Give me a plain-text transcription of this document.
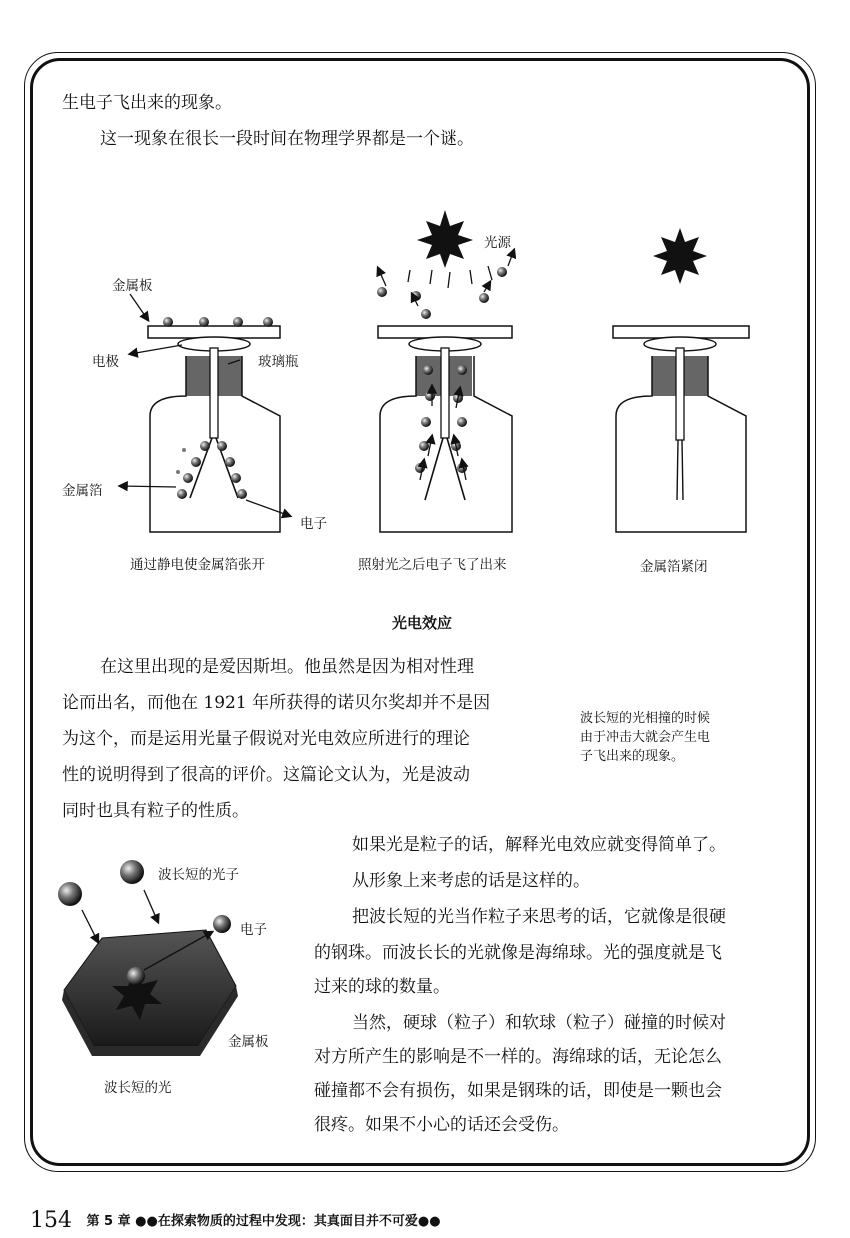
生电子飞出来的现象。
这一现象在很长一段时间在物理学界都是一个谜。
金属板
电极	玻璃瓶
金属箔
电子
光源
通过静电使金属箔张开	照射光之后电子飞了出来	金属箔紧闭
光电效应
在这里出现的是爱因斯坦。他虽然是因为相对性理
论而出名，而他在 1921 年所获得的诺贝尔奖却并不是因
为这个，而是运用光量子假说对光电效应所进行的理论
性的说明得到了很高的评价。这篇论文认为，光是波动
同时也具有粒子的性质。
波长短的光相撞的时候
由于冲击大就会产生电
子飞出来的现象。
波长短的光子
电子
金属板
波长短的光
如果光是粒子的话，解释光电效应就变得简单了。
从形象上来考虑的话是这样的。
把波长短的光当作粒子来思考的话，它就像是很硬
的钢珠。而波长长的光就像是海绵球。光的强度就是飞
过来的球的数量。
当然，硬球（粒子）和软球（粒子）碰撞的时候对
对方所产生的影响是不一样的。海绵球的话，无论怎么
碰撞都不会有损伤，如果是钢珠的话，即使是一颗也会
很疼。如果不小心的话还会受伤。
154 第 5 章 ●●在探索物质的过程中发现：其真面目并不可爱●●
